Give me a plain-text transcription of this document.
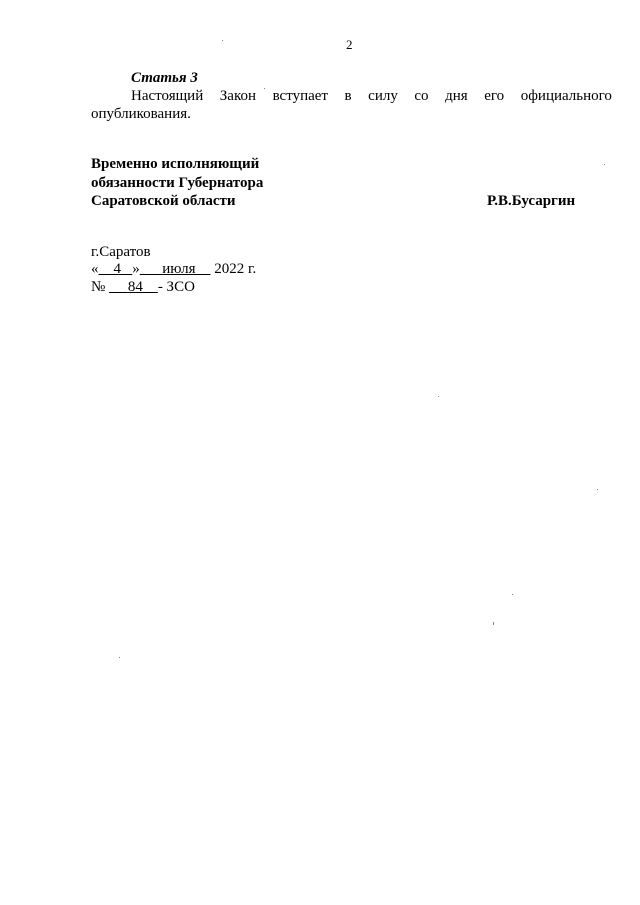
2
Статья 3
Настоящий Закон вступает в силу со дня его официального
опубликования.
Временно исполняющий
обязанности Губернатора
Саратовской области	Р.В.Бусаргин
г.Саратов
« 4 » июля 2022 г.
№ 84 - ЗСО
